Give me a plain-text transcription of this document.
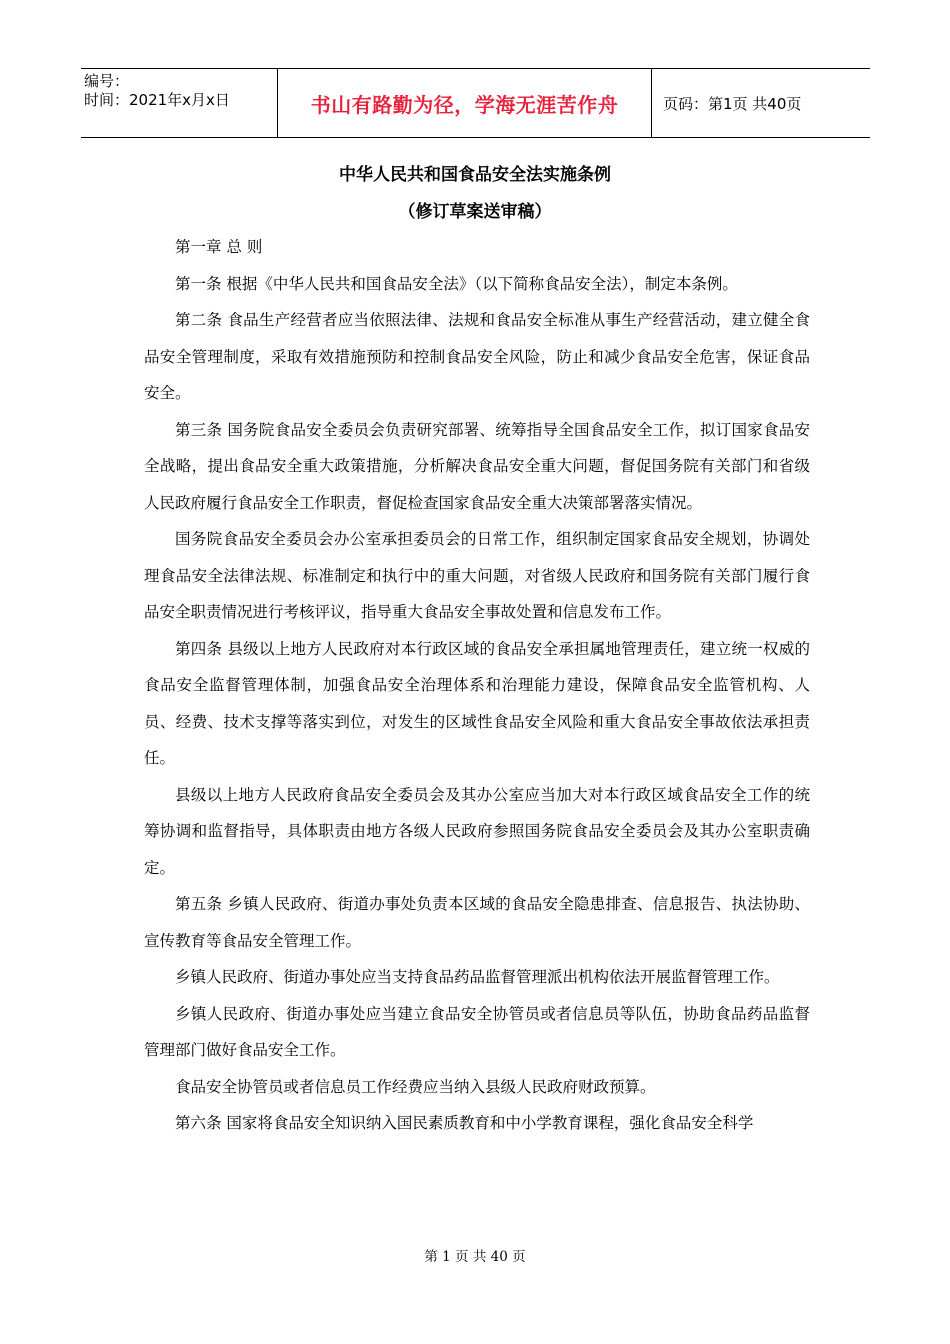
编号：
时间：2021年x月x日	书山有路勤为径，学海无涯苦作舟	页码：第1页 共40页
中华人民共和国食品安全法实施条例
（修订草案送审稿）

第一章 总 则

第一条 根据《中华人民共和国食品安全法》（以下简称食品安全法），制定本条例。

第二条 食品生产经营者应当依照法律、法规和食品安全标准从事生产经营活动，建立健全食品安全管理制度，采取有效措施预防和控制食品安全风险，防止和减少食品安全危害，保证食品安全。

第三条 国务院食品安全委员会负责研究部署、统筹指导全国食品安全工作，拟订国家食品安全战略，提出食品安全重大政策措施，分析解决食品安全重大问题，督促国务院有关部门和省级人民政府履行食品安全工作职责，督促检查国家食品安全重大决策部署落实情况。

国务院食品安全委员会办公室承担委员会的日常工作，组织制定国家食品安全规划，协调处理食品安全法律法规、标准制定和执行中的重大问题，对省级人民政府和国务院有关部门履行食品安全职责情况进行考核评议，指导重大食品安全事故处置和信息发布工作。

第四条 县级以上地方人民政府对本行政区域的食品安全承担属地管理责任，建立统一权威的食品安全监督管理体制，加强食品安全治理体系和治理能力建设，保障食品安全监管机构、人员、经费、技术支撑等落实到位，对发生的区域性食品安全风险和重大食品安全事故依法承担责任。

县级以上地方人民政府食品安全委员会及其办公室应当加大对本行政区域食品安全工作的统筹协调和监督指导，具体职责由地方各级人民政府参照国务院食品安全委员会及其办公室职责确定。

第五条 乡镇人民政府、街道办事处负责本区域的食品安全隐患排查、信息报告、执法协助、宣传教育等食品安全管理工作。

乡镇人民政府、街道办事处应当支持食品药品监督管理派出机构依法开展监督管理工作。

乡镇人民政府、街道办事处应当建立食品安全协管员或者信息员等队伍，协助食品药品监督管理部门做好食品安全工作。

食品安全协管员或者信息员工作经费应当纳入县级人民政府财政预算。

第六条 国家将食品安全知识纳入国民素质教育和中小学教育课程，强化食品安全科学

第 1 页 共 40 页
